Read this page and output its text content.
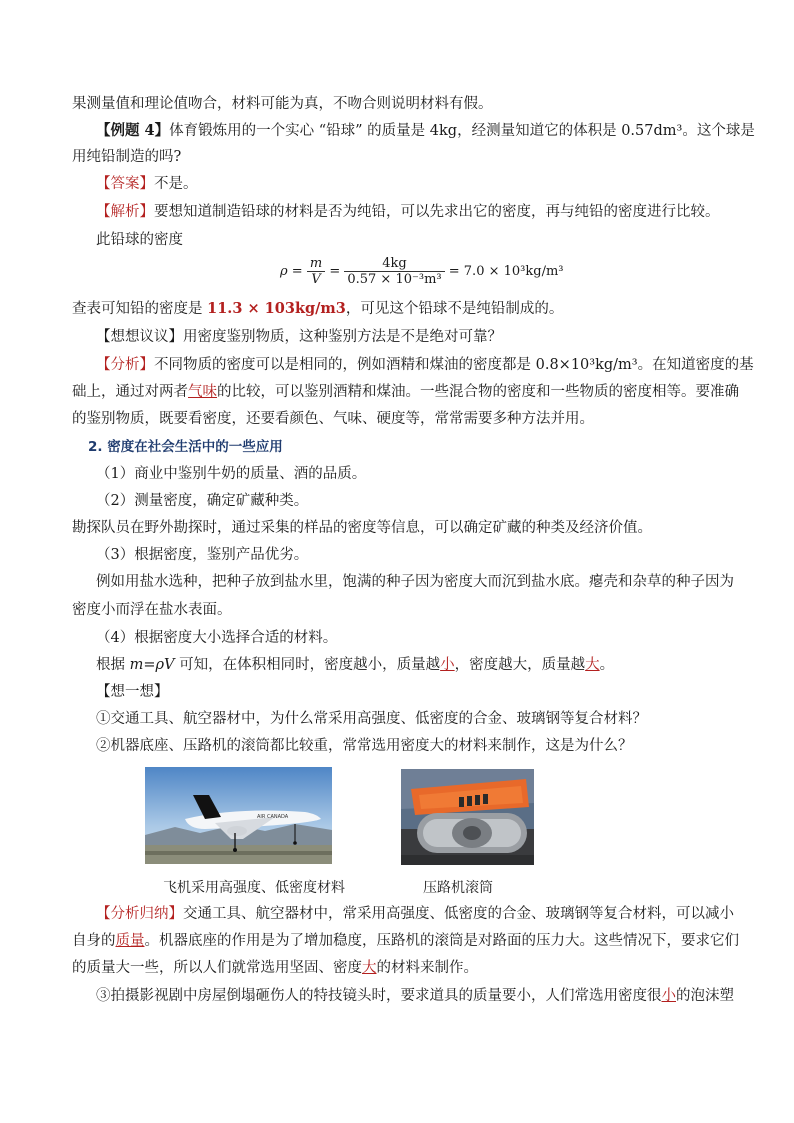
果测量值和理论值吻合，材料可能为真，不吻合则说明材料有假。
【例题 4】体育锻炼用的一个实心 “铅球” 的质量是 4kg，经测量知道它的体积是 0.57dm³。这个球是
用纯铅制造的吗?
【答案】不是。
【解析】要想知道制造铅球的材料是否为纯铅，可以先求出它的密度，再与纯铅的密度进行比较。
此铅球的密度
$\rho = \frac{m}{V} = \frac{4kg}{\text{0.57 × 10⁻³m³}} = 7.0 \times 10^3kg/m^3$
查表可知铅的密度是 11.3 × 103kg/m3，可见这个铅球不是纯铅制成的。
【想想议议】用密度鉴别物质，这种鉴别方法是不是绝对可靠？
【分析】不同物质的密度可以是相同的，例如酒精和煤油的密度都是 0.8×10³kg/m³。在知道密度的基
础上，通过对两者气味的比较，可以鉴别酒精和煤油。一些混合物的密度和一些物质的密度相等。要准确
的鉴别物质，既要看密度，还要看颜色、气味、硬度等，常常需要多种方法并用。
2. 密度在社会生活中的一些应用
（1）商业中鉴别牛奶的质量、酒的品质。
（2）测量密度，确定矿藏种类。
勘探队员在野外勘探时，通过采集的样品的密度等信息，可以确定矿藏的种类及经济价值。
（3）根据密度，鉴别产品优劣。
例如用盐水选种，把种子放到盐水里，饱满的种子因为密度大而沉到盐水底。瘪壳和杂草的种子因为
密度小而浮在盐水表面。
（4）根据密度大小选择合适的材料。
根据 m=ρV 可知，在体积相同时，密度越小，质量越小，密度越大，质量越大。
【想一想】
①交通工具、航空器材中，为什么常采用高强度、低密度的合金、玻璃钢等复合材料？
②机器底座、压路机的滚筒都比较重，常常选用密度大的材料来制作，这是为什么？
AIR CANADA
飞机采用高强度、低密度材料	压路机滚筒
【分析归纳】交通工具、航空器材中，常采用高强度、低密度的合金、玻璃钢等复合材料，可以减小
自身的质量。机器底座的作用是为了增加稳度，压路机的滚筒是对路面的压力大。这些情况下，要求它们
的质量大一些，所以人们就常选用坚固、密度大的材料来制作。
③拍摄影视剧中房屋倒塌砸伤人的特技镜头时，要求道具的质量要小，人们常选用密度很小的泡沫塑
